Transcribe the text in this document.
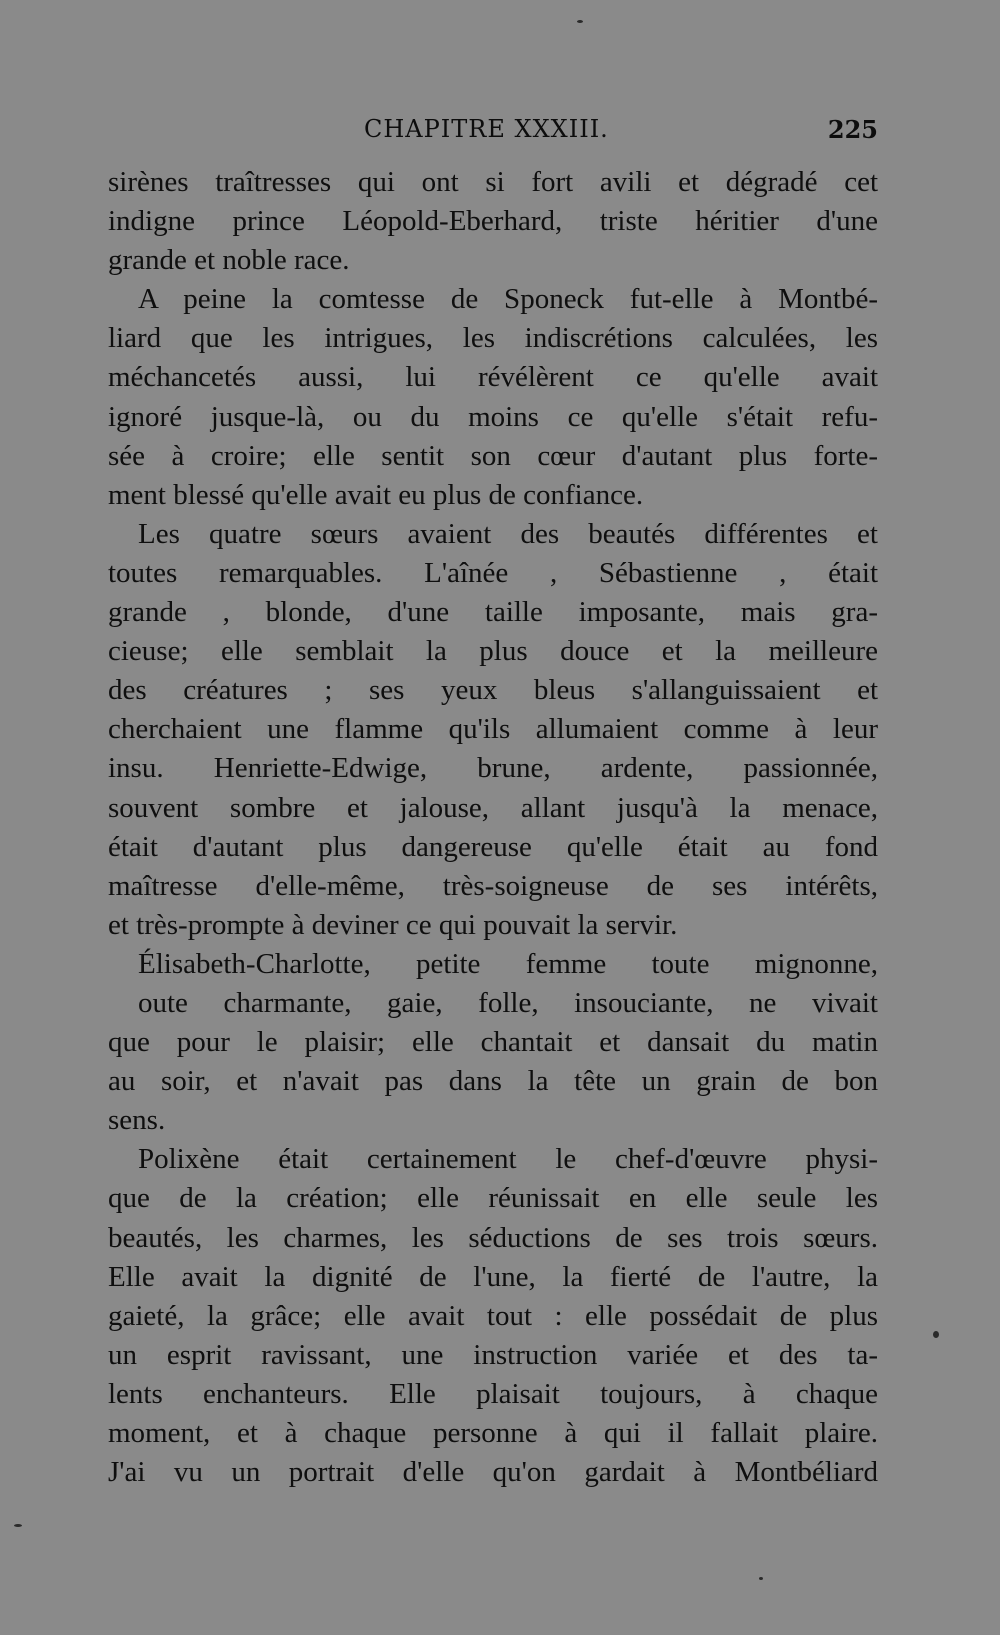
CHAPITRE XXXIII.	225
sirènes traîtresses qui ont si fort avili et dégradé cet
indigne prince Léopold-Eberhard, triste héritier d'une
grande et noble race.
A peine la comtesse de Sponeck fut-elle à Montbé-
liard que les intrigues, les indiscrétions calculées, les
méchancetés aussi, lui révélèrent ce qu'elle avait
ignoré jusque-là, ou du moins ce qu'elle s'était refu-
sée à croire; elle sentit son cœur d'autant plus forte-
ment blessé qu'elle avait eu plus de confiance.
Les quatre sœurs avaient des beautés différentes et
toutes remarquables. L'aînée , Sébastienne , était
grande , blonde, d'une taille imposante, mais gra-
cieuse; elle semblait la plus douce et la meilleure
des créatures ; ses yeux bleus s'allanguissaient et
cherchaient une flamme qu'ils allumaient comme à leur
insu. Henriette-Edwige, brune, ardente, passionnée,
souvent sombre et jalouse, allant jusqu'à la menace,
était d'autant plus dangereuse qu'elle était au fond
maîtresse d'elle-même, très-soigneuse de ses intérêts,
et très-prompte à deviner ce qui pouvait la servir.
Élisabeth-Charlotte, petite femme toute mignonne,
oute charmante, gaie, folle, insouciante, ne vivait
que pour le plaisir; elle chantait et dansait du matin
au soir, et n'avait pas dans la tête un grain de bon
sens.
Polixène était certainement le chef-d'œuvre physi-
que de la création; elle réunissait en elle seule les
beautés, les charmes, les séductions de ses trois sœurs.
Elle avait la dignité de l'une, la fierté de l'autre, la
gaieté, la grâce; elle avait tout : elle possédait de plus
un esprit ravissant, une instruction variée et des ta-
lents enchanteurs. Elle plaisait toujours, à chaque
moment, et à chaque personne à qui il fallait plaire.
J'ai vu un portrait d'elle qu'on gardait à Montbéliard
